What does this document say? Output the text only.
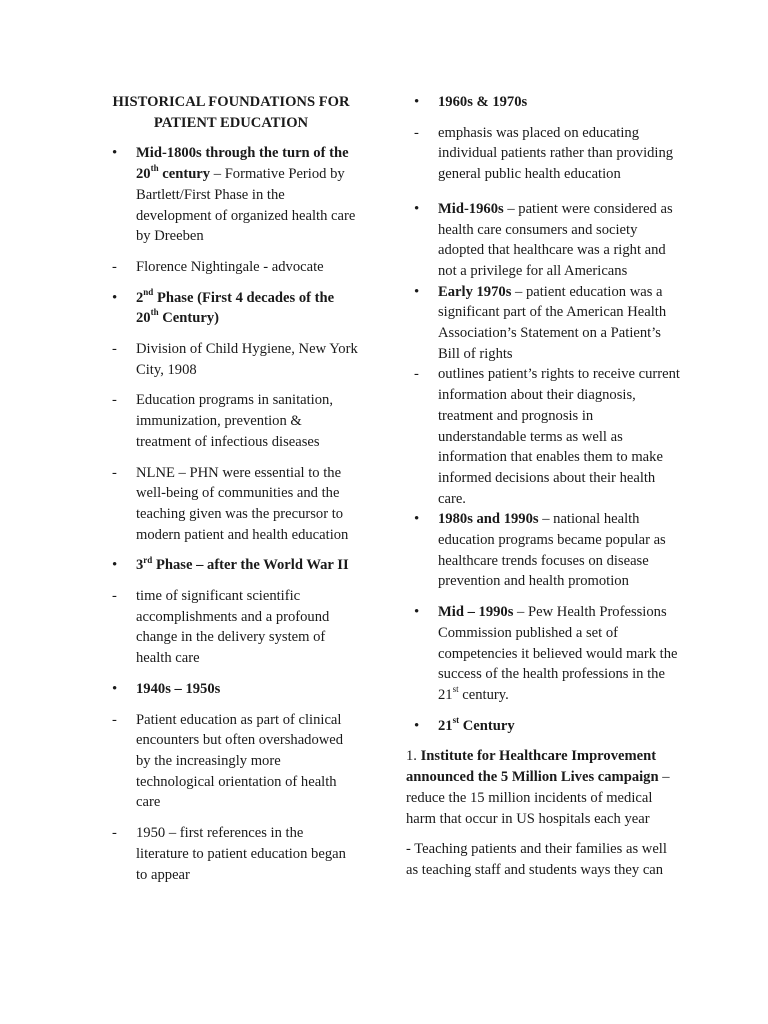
HISTORICAL FOUNDATIONS FOR PATIENT EDUCATION
•	Mid-1800s through the turn of the 20th century – Formative Period by Bartlett/First Phase in the development of organized health care by Dreeben
-	Florence Nightingale - advocate
•	2nd Phase (First 4 decades of the 20th Century)
-	Division of Child Hygiene, New York City, 1908
-	Education programs in sanitation, immunization, prevention & treatment of infectious diseases
-	NLNE – PHN were essential to the well-being of communities and the teaching given was the precursor to modern patient and health education
•	3rd Phase – after the World War II
-	time of significant scientific accomplishments and a profound change in the delivery system of health care
•	1940s – 1950s
-	Patient education as part of clinical encounters but often overshadowed by the increasingly more technological orientation of health care
-	1950 – first references in the literature to patient education began to appear
•	1960s & 1970s
-	emphasis was placed on educating individual patients rather than providing general public health education
•	Mid-1960s – patient were considered as health care consumers and society adopted that healthcare was a right and not a privilege for all Americans
•	Early 1970s – patient education was a significant part of the American Health Association’s Statement on a Patient’s Bill of rights
-	outlines patient’s rights to receive current information about their diagnosis, treatment and prognosis in understandable terms as well as information that enables them to make informed decisions about their health care.
•	1980s and 1990s – national health education programs became popular as healthcare trends focuses on disease prevention and health promotion
•	Mid – 1990s – Pew Health Professions Commission published a set of competencies it believed would mark the success of the health professions in the 21st century.
•	21st Century
1. Institute for Healthcare Improvement announced the 5 Million Lives campaign – reduce the 15 million incidents of medical harm that occur in US hospitals each year
- Teaching patients and their families as well as teaching staff and students ways they can
